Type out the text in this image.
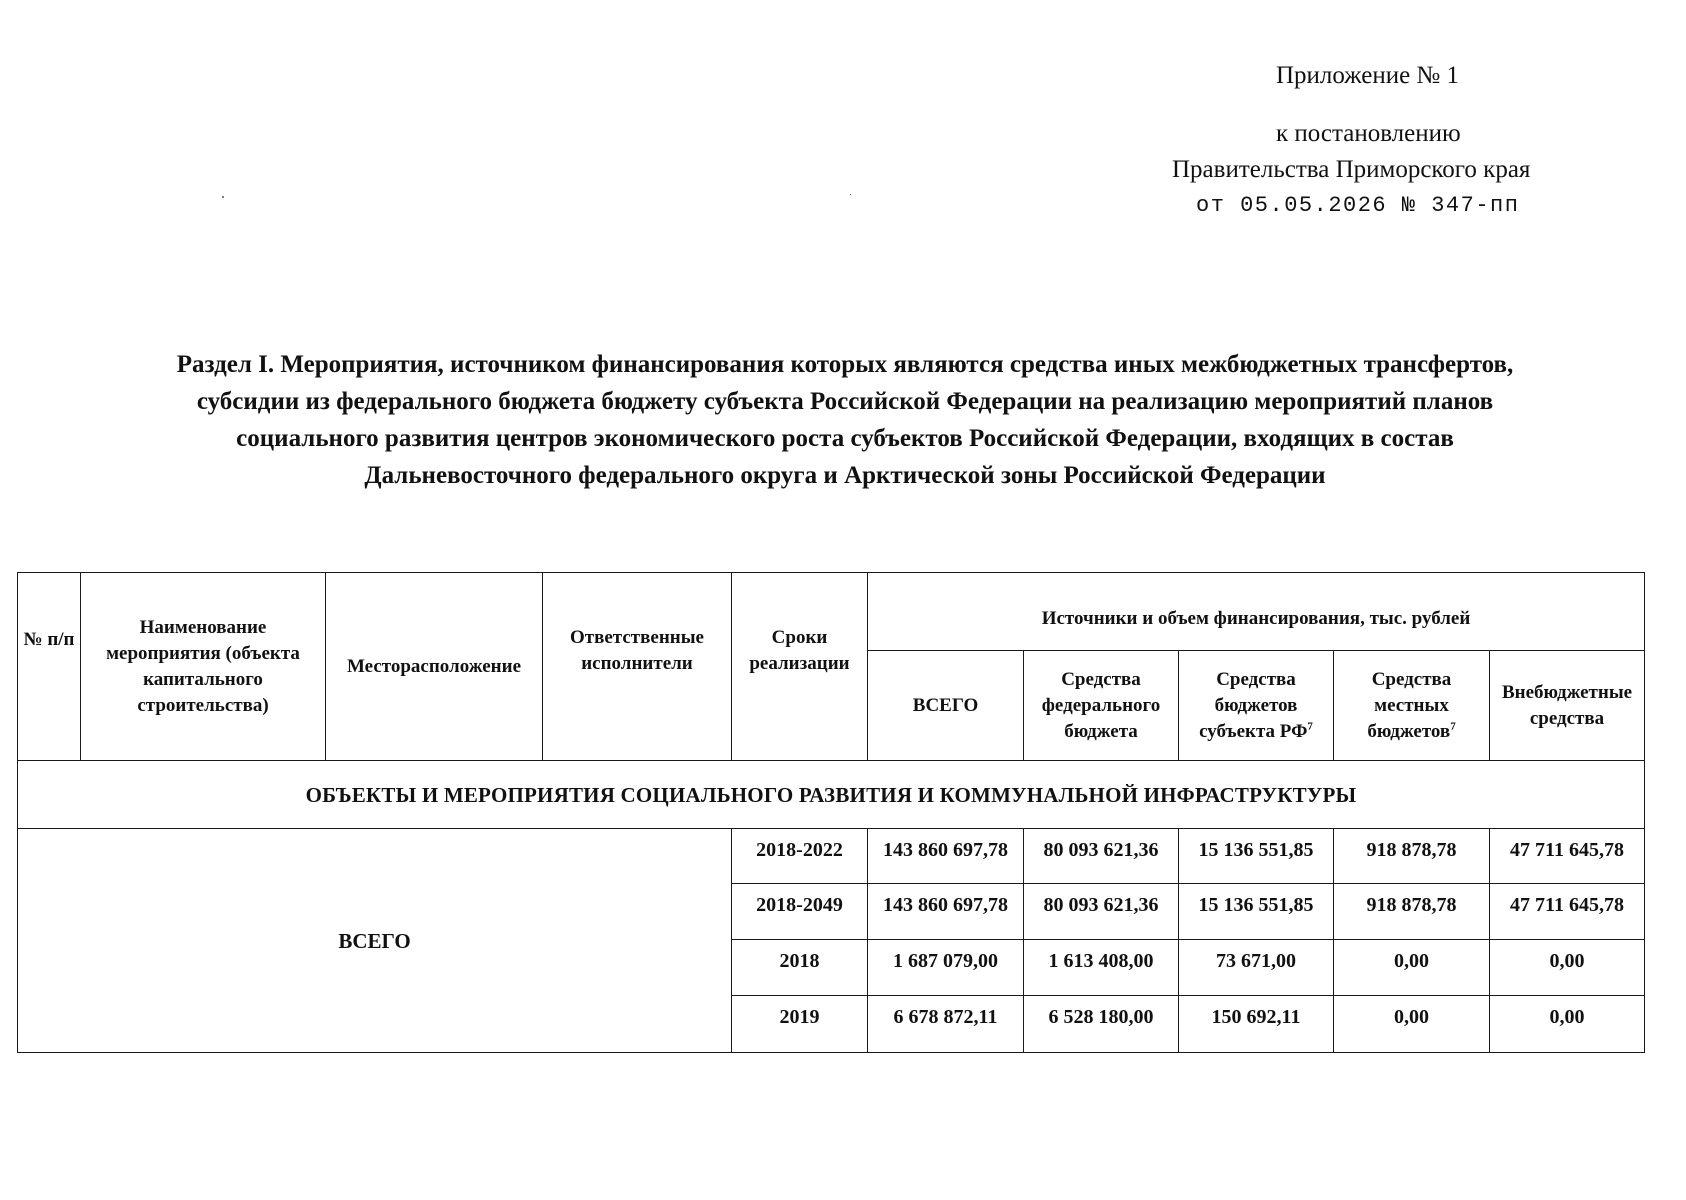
Приложение № 1
к постановлению
Правительства Приморского края
от 05.05.2026 № 347-пп
Раздел I. Мероприятия, источником финансирования которых являются средства иных межбюджетных трансфертов,
субсидии из федерального бюджета бюджету субъекта Российской Федерации на реализацию мероприятий планов
социального развития центров экономического роста субъектов Российской Федерации, входящих в состав
Дальневосточного федерального округа и Арктической зоны Российской Федерации
№ п/п	Наименование мероприятия (объекта капитального строительства)	Месторасположение	Ответственные исполнители	Сроки реализации	Источники и объем финансирования, тыс. рублей				
					ВСЕГО	Средства федерального бюджета	Средства бюджетов субъекта $РФ^7$	Средства местных бюджетов$^7$	Внебюджетные средства
ОБЪЕКТЫ И МЕРОПРИЯТИЯ СОЦИАЛЬНОГО РАЗВИТИЯ И КОММУНАЛЬНОЙ ИНФРАСТРУКТУРЫ									
ВСЕГО				2018-2022	143 860 697,78	80 093 621,36	15 136 551,85	918 878,78	47 711 645,78
				2018-2049	143 860 697,78	80 093 621,36	15 136 551,85	918 878,78	47 711 645,78
				2018	1 687 079,00	1 613 408,00	73 671,00	0,00	0,00
				2019	6 678 872,11	6 528 180,00	150 692,11	0,00	0,00
